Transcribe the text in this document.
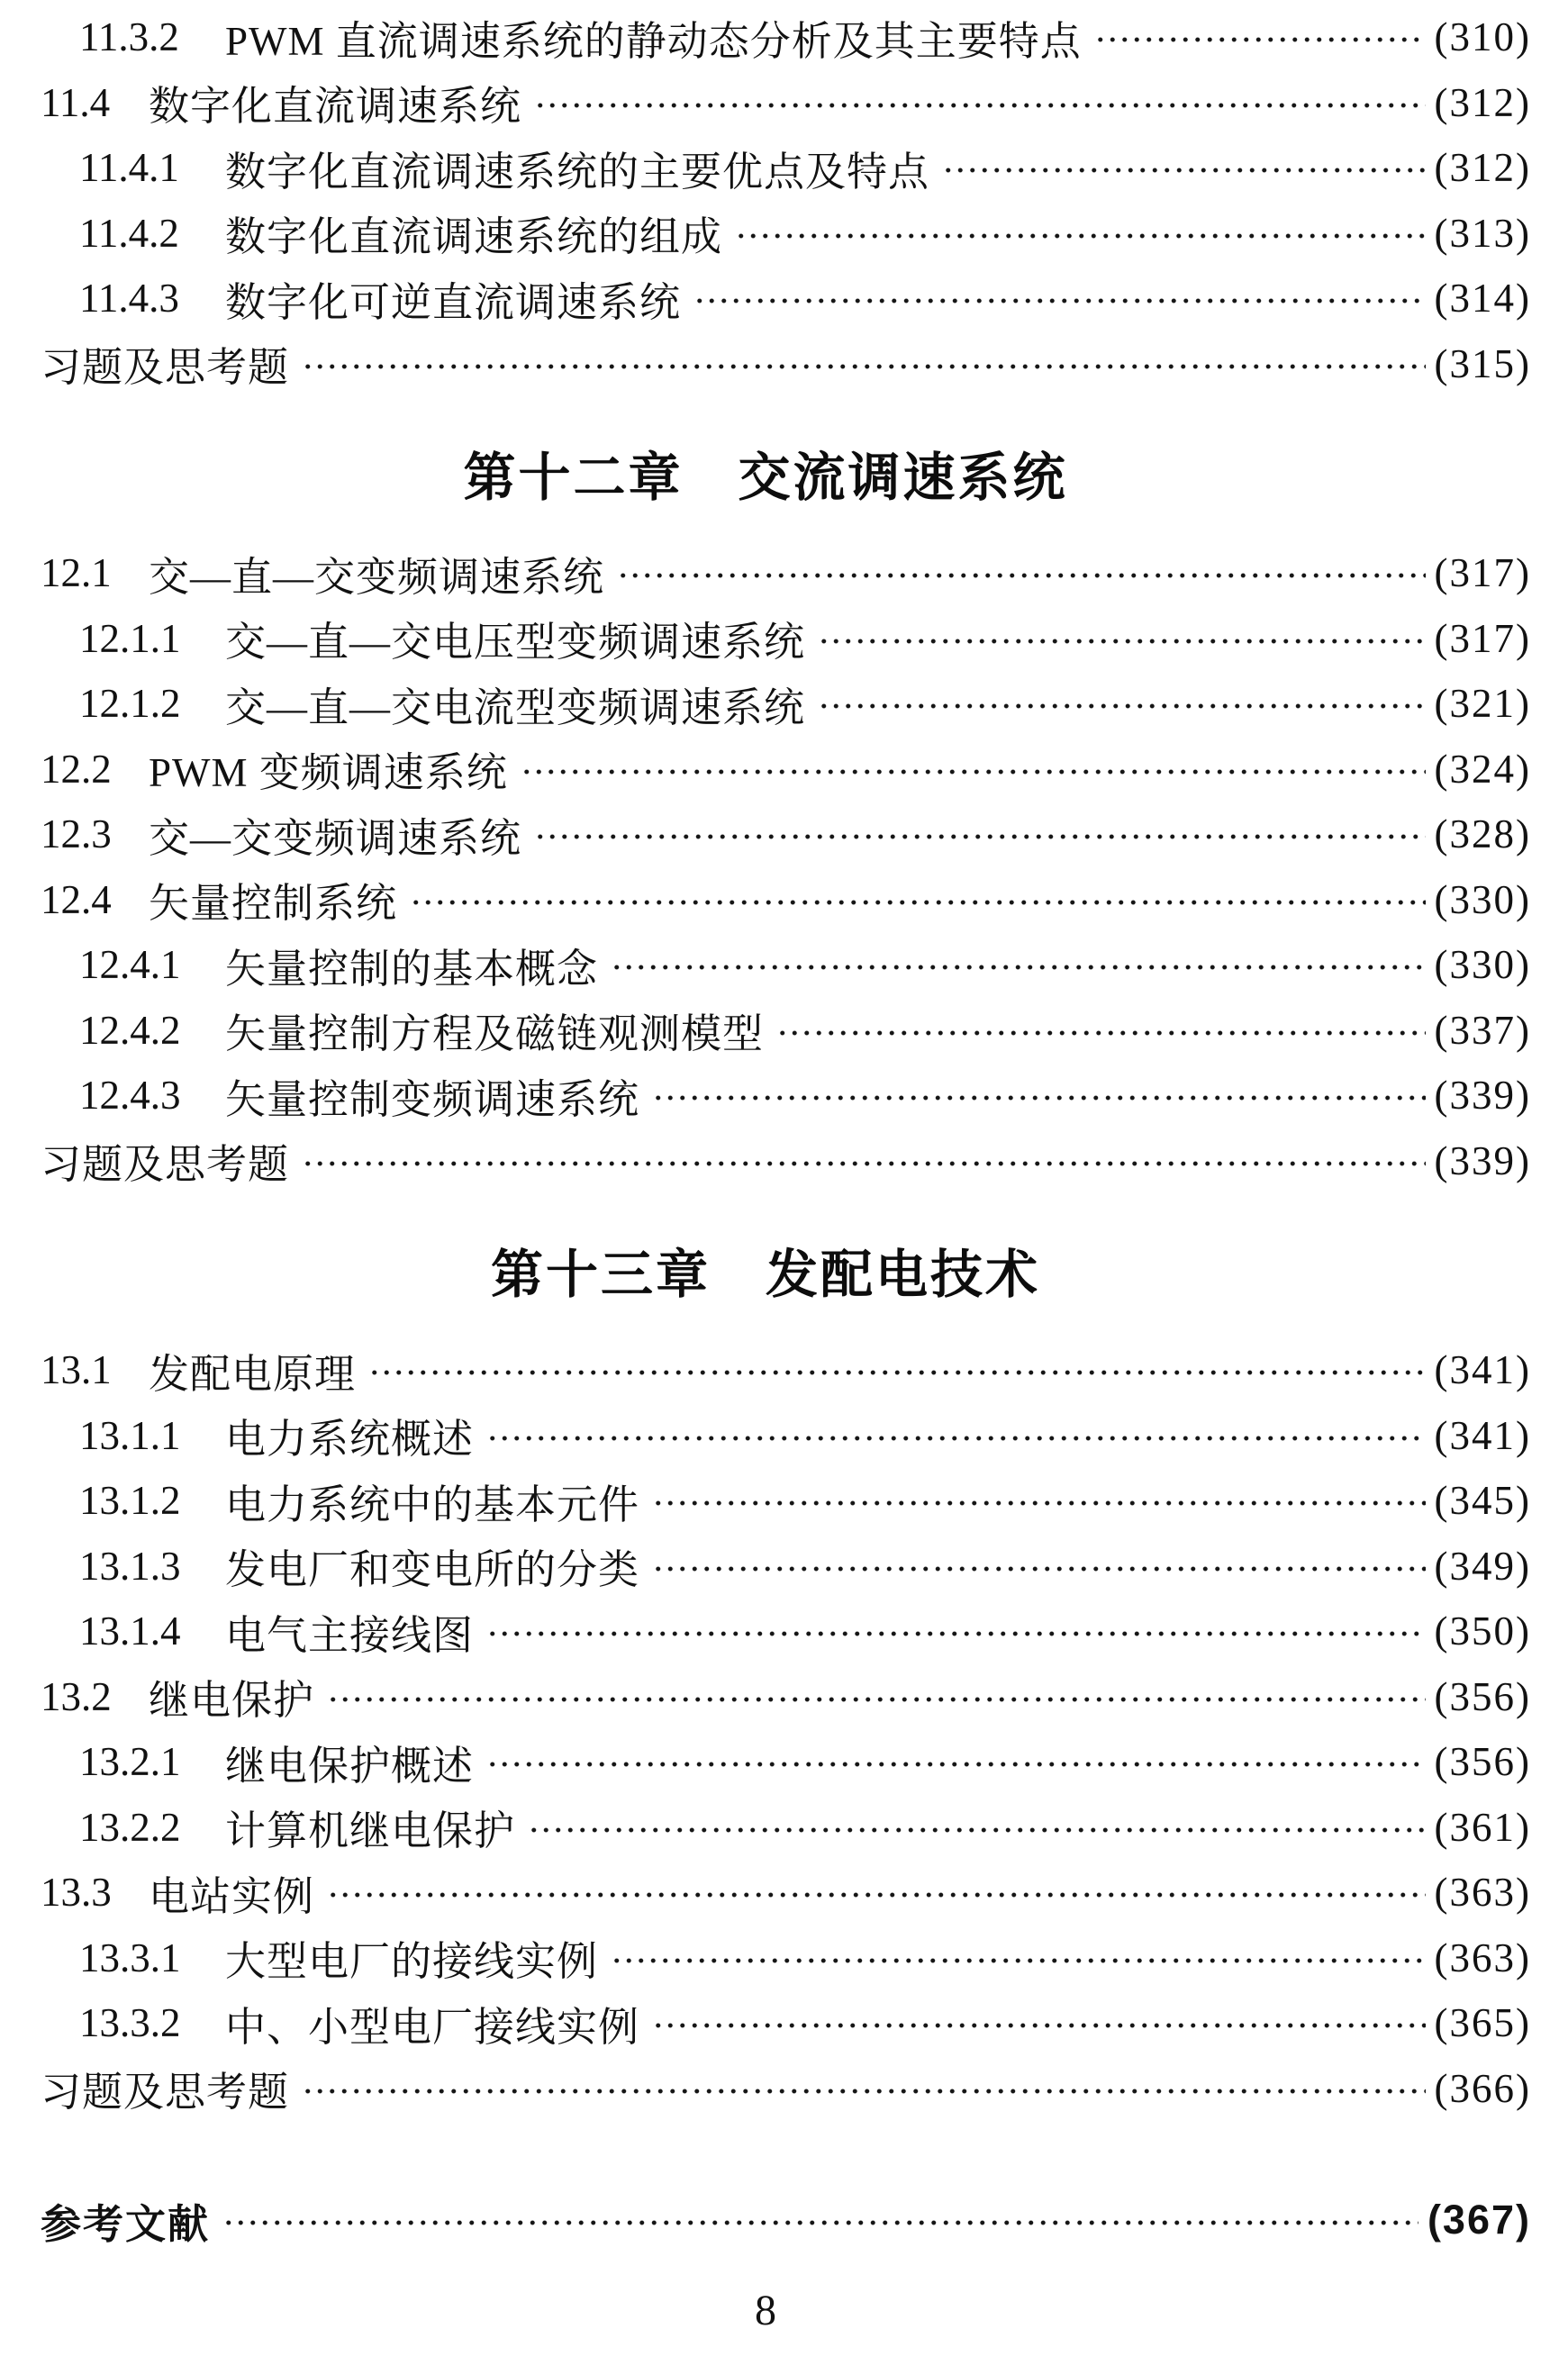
11.3.2	PWM 直流调速系统的静动态分析及其主要特点	(310)
11.4 数字化直流调速系统	(312)
11.4.1	数字化直流调速系统的主要优点及特点	(312)
11.4.2	数字化直流调速系统的组成	(313)
11.4.3	数字化可逆直流调速系统	(314)
习题及思考题	(315)
第十二章　交流调速系统
12.1 交—直—交变频调速系统	(317)
12.1.1	交—直—交电压型变频调速系统	(317)
12.1.2	交—直—交电流型变频调速系统	(321)
12.2 PWM 变频调速系统	(324)
12.3 交—交变频调速系统	(328)
12.4 矢量控制系统	(330)
12.4.1	矢量控制的基本概念	(330)
12.4.2	矢量控制方程及磁链观测模型	(337)
12.4.3	矢量控制变频调速系统	(339)
习题及思考题	(339)
第十三章　发配电技术
13.1 发配电原理	(341)
13.1.1	电力系统概述	(341)
13.1.2	电力系统中的基本元件	(345)
13.1.3	发电厂和变电所的分类	(349)
13.1.4	电气主接线图	(350)
13.2 继电保护	(356)
13.2.1	继电保护概述	(356)
13.2.2	计算机继电保护	(361)
13.3 电站实例	(363)
13.3.1	大型电厂的接线实例	(363)
13.3.2	中、小型电厂接线实例	(365)
习题及思考题	(366)
参考文献	(367)
8
